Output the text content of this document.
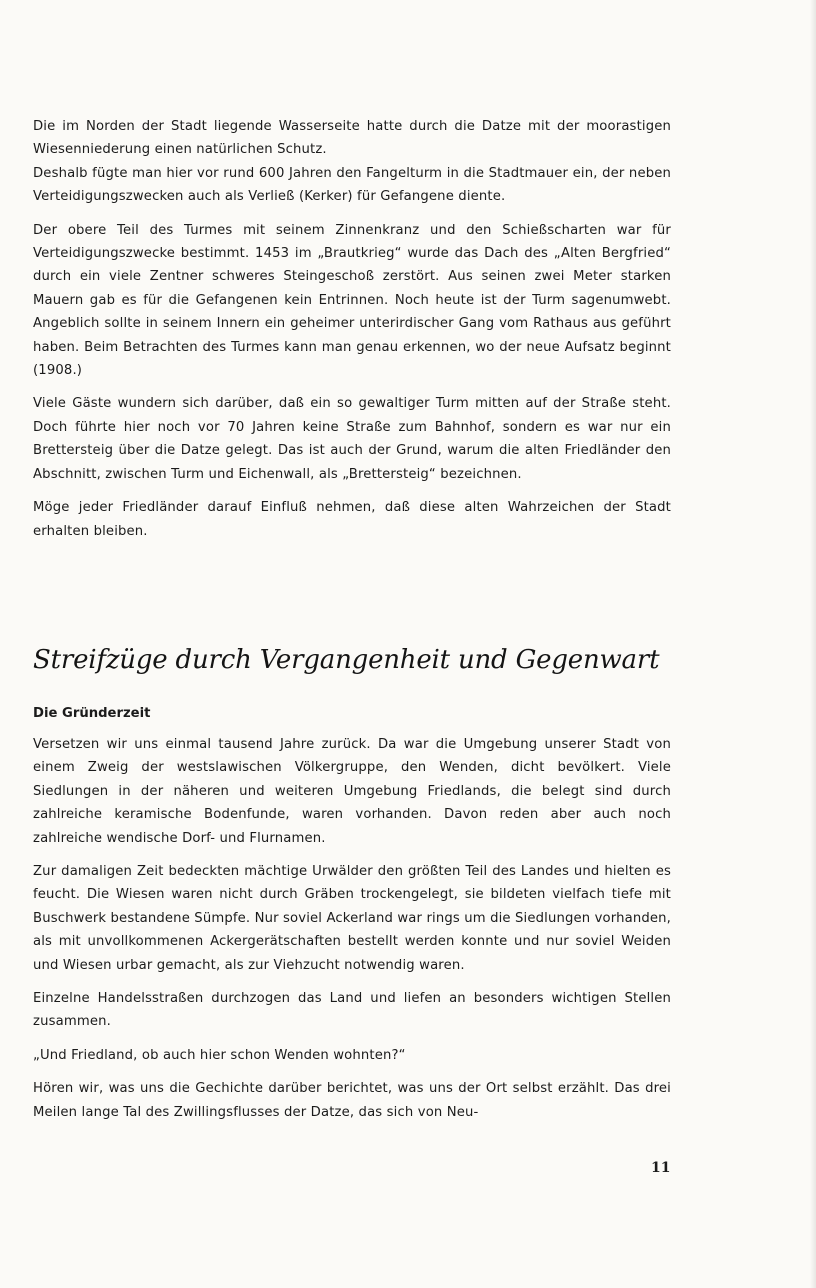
Die im Norden der Stadt liegende Wasserseite hatte durch die Datze mit der moorastigen Wiesenniederung einen natürlichen Schutz.

Deshalb fügte man hier vor rund 600 Jahren den Fangelturm in die Stadtmauer ein, der neben Verteidigungszwecken auch als Verließ (Kerker) für Gefangene diente.

Der obere Teil des Turmes mit seinem Zinnenkranz und den Schießscharten war für Verteidigungszwecke bestimmt. 1453 im „Brautkrieg“ wurde das Dach des „Alten Bergfried“ durch ein viele Zentner schweres Steingeschoß zerstört. Aus seinen zwei Meter starken Mauern gab es für die Gefangenen kein Entrinnen. Noch heute ist der Turm sagenumwebt. Angeblich sollte in seinem Innern ein geheimer unterirdischer Gang vom Rathaus aus geführt haben. Beim Betrachten des Turmes kann man genau erkennen, wo der neue Aufsatz beginnt (1908.)

Viele Gäste wundern sich darüber, daß ein so gewaltiger Turm mitten auf der Straße steht. Doch führte hier noch vor 70 Jahren keine Straße zum Bahnhof, sondern es war nur ein Brettersteig über die Datze gelegt. Das ist auch der Grund, warum die alten Friedländer den Abschnitt, zwischen Turm und Eichenwall, als „Brettersteig“ bezeichnen.

Möge jeder Friedländer darauf Einfluß nehmen, daß diese alten Wahrzeichen der Stadt erhalten bleiben.

Streifzüge durch Vergangenheit und Gegenwart
Die Gründerzeit

Versetzen wir uns einmal tausend Jahre zurück. Da war die Umgebung unserer Stadt von einem Zweig der westslawischen Völkergruppe, den Wenden, dicht bevölkert. Viele Siedlungen in der näheren und weiteren Umgebung Friedlands, die belegt sind durch zahlreiche keramische Bodenfunde, waren vorhanden. Davon reden aber auch noch zahlreiche wendische Dorf- und Flurnamen.

Zur damaligen Zeit bedeckten mächtige Urwälder den größten Teil des Landes und hielten es feucht. Die Wiesen waren nicht durch Gräben trockengelegt, sie bildeten vielfach tiefe mit Buschwerk bestandene Sümpfe. Nur soviel Ackerland war rings um die Siedlungen vorhanden, als mit unvollkommenen Ackergerätschaften bestellt werden konnte und nur soviel Weiden und Wiesen urbar gemacht, als zur Viehzucht notwendig waren.

Einzelne Handelsstraßen durchzogen das Land und liefen an besonders wichtigen Stellen zusammen.

„Und Friedland, ob auch hier schon Wenden wohnten?“

Hören wir, was uns die Gechichte darüber berichtet, was uns der Ort selbst erzählt. Das drei Meilen lange Tal des Zwillingsflusses der Datze, das sich von Neu-

11
